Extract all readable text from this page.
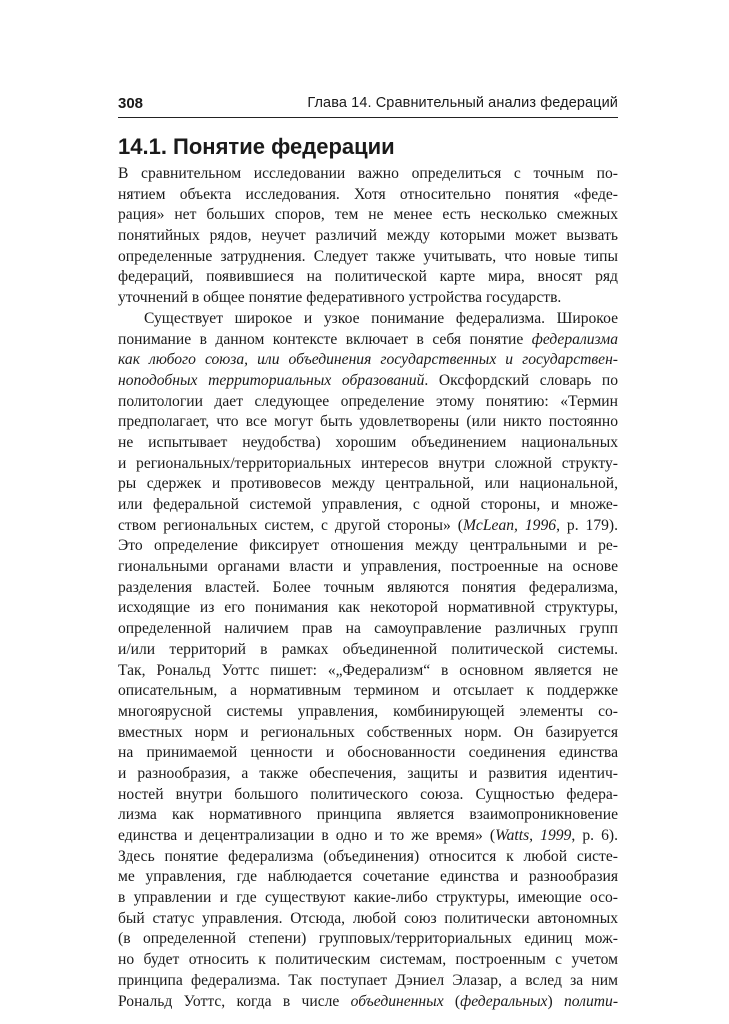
308	Глава 14. Сравнительный анализ федераций
14.1. Понятие федерации
В сравнительном исследовании важно определиться с точным по-
нятием объекта исследования. Хотя относительно понятия «феде-
рация» нет больших споров, тем не менее есть несколько смежных
понятийных рядов, неучет различий между которыми может вызвать
определенные затруднения. Следует также учитывать, что новые типы
федераций, появившиеся на политической карте мира, вносят ряд
уточнений в общее понятие федеративного устройства государств.
Существует широкое и узкое понимание федерализма. Широкое
понимание в данном контексте включает в себя понятие федерализма
как любого союза, или объединения государственных и государствен-
ноподобных территориальных образований. Оксфордский словарь по
политологии дает следующее определение этому понятию: «Термин
предполагает, что все могут быть удовлетворены (или никто постоянно
не испытывает неудобства) хорошим объединением национальных
и региональных/территориальных интересов внутри сложной структу-
ры сдержек и противовесов между центральной, или национальной,
или федеральной системой управления, с одной стороны, и множе-
ством региональных систем, с другой стороны» (McLean, 1996, р. 179).
Это определение фиксирует отношения между центральными и ре-
гиональными органами власти и управления, построенные на основе
разделения властей. Более точным являются понятия федерализма,
исходящие из его понимания как некоторой нормативной структуры,
определенной наличием прав на самоуправление различных групп
и/или территорий в рамках объединенной политической системы.
Так, Рональд Уоттс пишет: «„Федерализм“ в основном является не
описательным, а нормативным термином и отсылает к поддержке
многоярусной системы управления, комбинирующей элементы со-
вместных норм и региональных собственных норм. Он базируется
на принимаемой ценности и обоснованности соединения единства
и разнообразия, а также обеспечения, защиты и развития идентич-
ностей внутри большого политического союза. Сущностью федера-
лизма как нормативного принципа является взаимопроникновение
единства и децентрализации в одно и то же время» (Watts, 1999, р. 6).
Здесь понятие федерализма (объединения) относится к любой систе-
ме управления, где наблюдается сочетание единства и разнообразия
в управлении и где существуют какие-либо структуры, имеющие осо-
бый статус управления. Отсюда, любой союз политически автономных
(в определенной степени) групповых/территориальных единиц мож-
но будет относить к политическим системам, построенным с учетом
принципа федерализма. Так поступает Дэниел Элазар, а вслед за ним
Рональд Уоттс, когда в числе объединенных (федеральных) полити-
